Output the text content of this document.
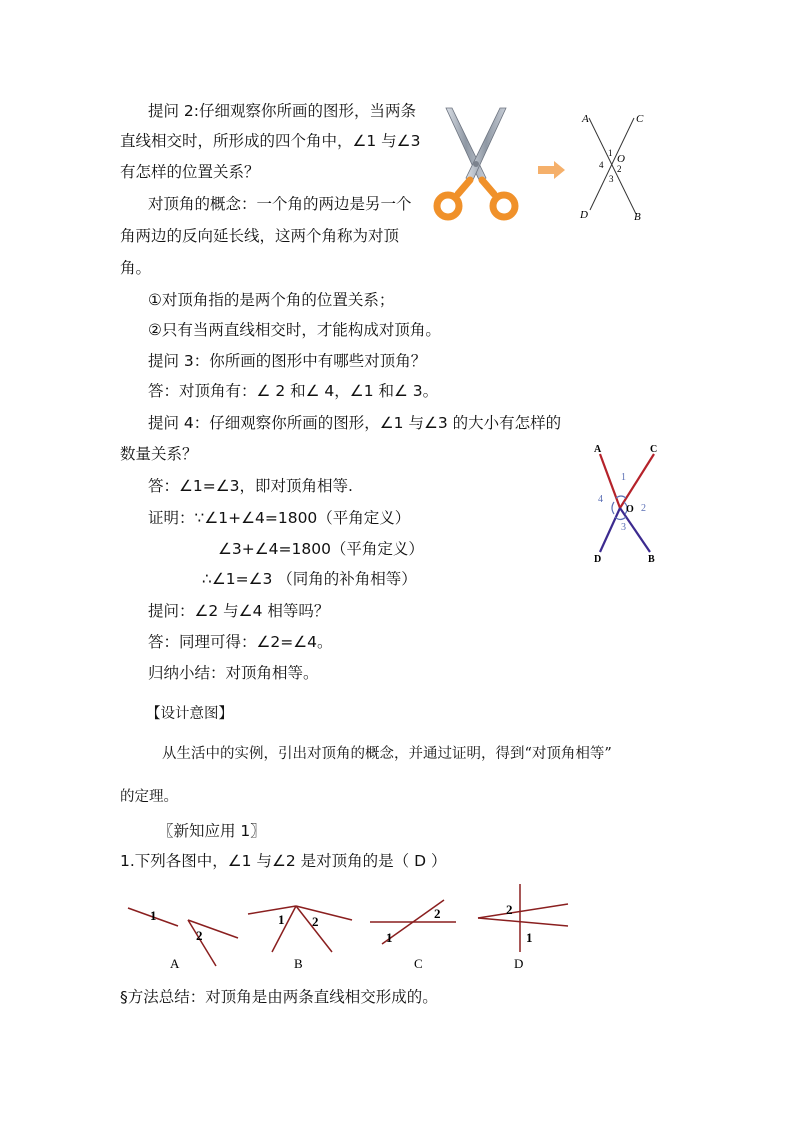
提问 2:仔细观察你所画的图形，当两条
直线相交时，所形成的四个角中，∠1 与∠3
有怎样的位置关系？
对顶角的概念：一个角的两边是另一个
角两边的反向延长线，这两个角称为对顶
角。
①对顶角指的是两个角的位置关系；
②只有当两直线相交时，才能构成对顶角。
提问 3：你所画的图形中有哪些对顶角？
答：对顶角有：∠ 2 和∠ 4，∠1 和∠ 3。
提问 4：仔细观察你所画的图形，∠1 与∠3 的大小有怎样的
数量关系？
答：∠1=∠3，即对顶角相等.
证明：∵∠1+∠4=1800（平角定义）
∠3+∠4=1800（平角定义）
∴∠1=∠3 （同角的补角相等）
提问：∠2 与∠4 相等吗？
答：同理可得：∠2=∠4。
归纳小结：对顶角相等。
【设计意图】
从生活中的实例，引出对顶角的概念，并通过证明，得到“对顶角相等”
的定理。
〖新知应用 1〗
1.下列各图中，∠1 与∠2 是对顶角的是（ D ）
§方法总结：对顶角是由两条直线相交形成的。
A	C
D	B
O
1
2
3
4
A	C
D	B
O
1
2
3
4
1
2
A
1 2
B
1
2
C
2
1
D
